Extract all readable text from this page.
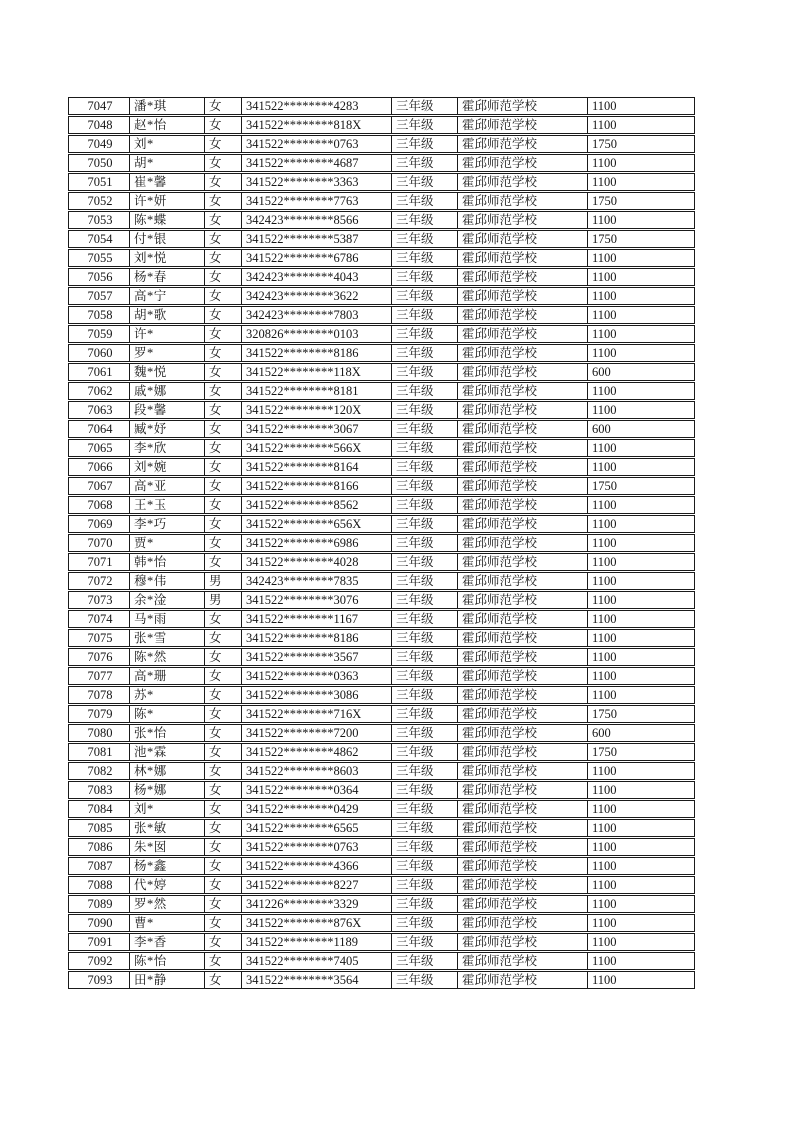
7047	潘*琪	女	341522********4283	三年级	霍邱师范学校	1100
7048	赵*怡	女	341522********818X	三年级	霍邱师范学校	1100
7049	刘*	女	341522********0763	三年级	霍邱师范学校	1750
7050	胡*	女	341522********4687	三年级	霍邱师范学校	1100
7051	崔*馨	女	341522********3363	三年级	霍邱师范学校	1100
7052	许*妍	女	341522********7763	三年级	霍邱师范学校	1750
7053	陈*蝶	女	342423********8566	三年级	霍邱师范学校	1100
7054	付*银	女	341522********5387	三年级	霍邱师范学校	1750
7055	刘*悦	女	341522********6786	三年级	霍邱师范学校	1100
7056	杨*春	女	342423********4043	三年级	霍邱师范学校	1100
7057	高*宁	女	342423********3622	三年级	霍邱师范学校	1100
7058	胡*歌	女	342423********7803	三年级	霍邱师范学校	1100
7059	许*	女	320826********0103	三年级	霍邱师范学校	1100
7060	罗*	女	341522********8186	三年级	霍邱师范学校	1100
7061	魏*悦	女	341522********118X	三年级	霍邱师范学校	600
7062	戚*娜	女	341522********8181	三年级	霍邱师范学校	1100
7063	段*馨	女	341522********120X	三年级	霍邱师范学校	1100
7064	臧*妤	女	341522********3067	三年级	霍邱师范学校	600
7065	李*欣	女	341522********566X	三年级	霍邱师范学校	1100
7066	刘*婉	女	341522********8164	三年级	霍邱师范学校	1100
7067	高*亚	女	341522********8166	三年级	霍邱师范学校	1750
7068	王*玉	女	341522********8562	三年级	霍邱师范学校	1100
7069	李*巧	女	341522********656X	三年级	霍邱师范学校	1100
7070	贾*	女	341522********6986	三年级	霍邱师范学校	1100
7071	韩*怡	女	341522********4028	三年级	霍邱师范学校	1100
7072	穆*伟	男	342423********7835	三年级	霍邱师范学校	1100
7073	余*淦	男	341522********3076	三年级	霍邱师范学校	1100
7074	马*雨	女	341522********1167	三年级	霍邱师范学校	1100
7075	张*雪	女	341522********8186	三年级	霍邱师范学校	1100
7076	陈*然	女	341522********3567	三年级	霍邱师范学校	1100
7077	高*珊	女	341522********0363	三年级	霍邱师范学校	1100
7078	苏*	女	341522********3086	三年级	霍邱师范学校	1100
7079	陈*	女	341522********716X	三年级	霍邱师范学校	1750
7080	张*怡	女	341522********7200	三年级	霍邱师范学校	600
7081	池*霖	女	341522********4862	三年级	霍邱师范学校	1750
7082	林*娜	女	341522********8603	三年级	霍邱师范学校	1100
7083	杨*娜	女	341522********0364	三年级	霍邱师范学校	1100
7084	刘*	女	341522********0429	三年级	霍邱师范学校	1100
7085	张*敏	女	341522********6565	三年级	霍邱师范学校	1100
7086	朱*囡	女	341522********0763	三年级	霍邱师范学校	1100
7087	杨*鑫	女	341522********4366	三年级	霍邱师范学校	1100
7088	代*婷	女	341522********8227	三年级	霍邱师范学校	1100
7089	罗*然	女	341226********3329	三年级	霍邱师范学校	1100
7090	曹*	女	341522********876X	三年级	霍邱师范学校	1100
7091	李*香	女	341522********1189	三年级	霍邱师范学校	1100
7092	陈*怡	女	341522********7405	三年级	霍邱师范学校	1100
7093	田*静	女	341522********3564	三年级	霍邱师范学校	1100
